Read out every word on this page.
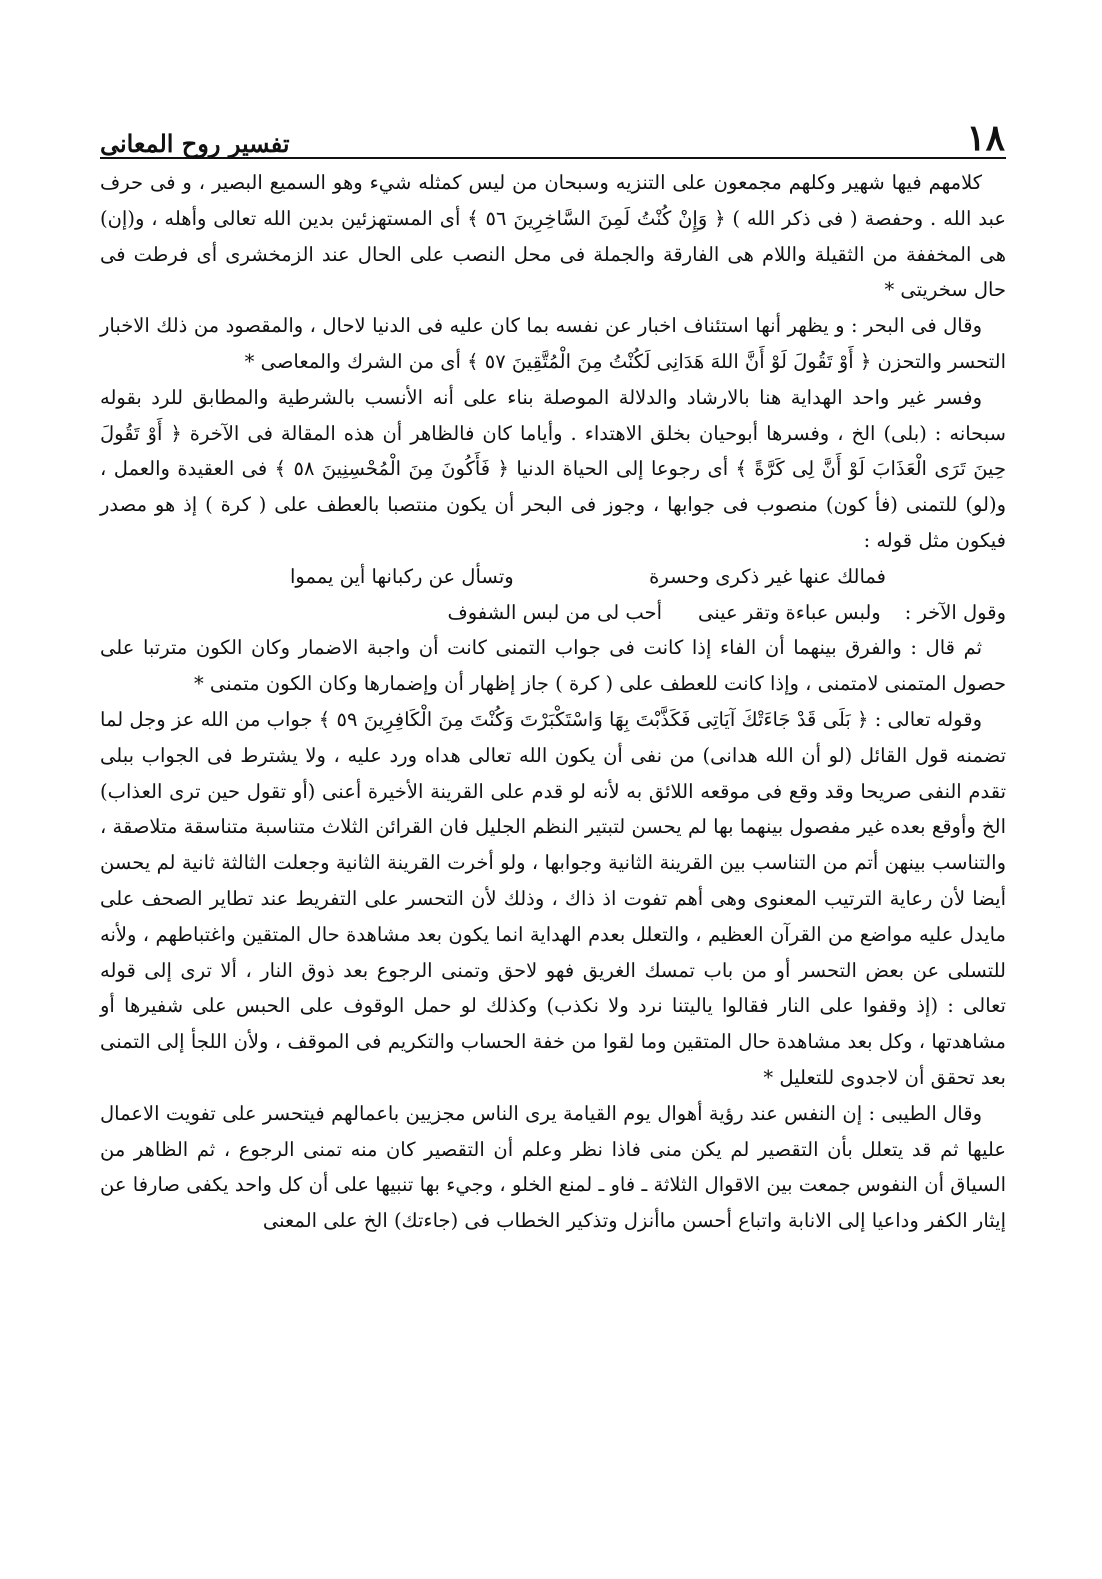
تفسير روح المعانى	١٨

كلامهم فيها شهير وكلهم مجمعون على التنزيه وسبحان من ليس كمثله شيء وهو السميع البصير ، و فى حرف عبد الله . وحفصة ( فى ذكر الله ) ﴿ وَإِنْ كُنْتُ لَمِنَ السَّاخِرِينَ ٥٦ ﴾ أى المستهزئين بدين الله تعالى وأهله ، و(إن) هى المخففة من الثقيلة واللام هى الفارقة والجملة فى محل النصب على الحال عند الزمخشرى أى فرطت فى حال سخريتى *

وقال فى البحر : و يظهر أنها استئناف اخبار عن نفسه بما كان عليه فى الدنيا لاحال ، والمقصود من ذلك الاخبار التحسر والتحزن ﴿ أَوْ تَقُولَ لَوْ أَنَّ اللهَ هَدَانِى لَكُنْتُ مِنَ الْمُتَّقِينَ ٥٧ ﴾ أى من الشرك والمعاصى *

وفسر غير واحد الهداية هنا بالارشاد والدلالة الموصلة بناء على أنه الأنسب بالشرطية والمطابق للرد بقوله سبحانه : (بلى) الخ ، وفسرها أبوحيان بخلق الاهتداء . وأياما كان فالظاهر أن هذه المقالة فى الآخرة ﴿ أَوْ تَقُولَ حِينَ تَرَى الْعَذَابَ لَوْ أَنَّ لِى كَرَّةً ﴾ أى رجوعا إلى الحياة الدنيا ﴿ فَأَكُونَ مِنَ الْمُحْسِنِينَ ٥٨ ﴾ فى العقيدة والعمل ، و(لو) للتمنى (فأ كون) منصوب فى جوابها ، وجوز فى البحر أن يكون منتصبا بالعطف على ( كرة ) إذ هو مصدر فيكون مثل قوله :

فمالك عنها غير ذكرى وحسرة
وتسأل عن ركبانها أين يمموا
وقول الآخر :
ولبس عباءة وتقر عينى
أحب لى من لبس الشفوف

ثم قال : والفرق بينهما أن الفاء إذا كانت فى جواب التمنى كانت أن واجبة الاضمار وكان الكون مترتبا على حصول المتمنى لامتمنى ، وإذا كانت للعطف على ( كرة ) جاز إظهار أن وإضمارها وكان الكون متمنى *

وقوله تعالى : ﴿ بَلَى قَدْ جَاءَتْكَ آيَاتِى فَكَذَّبْتَ بِهَا وَاسْتَكْبَرْتَ وَكُنْتَ مِنَ الْكَافِرِينَ ٥٩ ﴾ جواب من الله عز وجل لما تضمنه قول القائل (لو أن الله هدانى) من نفى أن يكون الله تعالى هداه ورد عليه ، ولا يشترط فى الجواب ببلى تقدم النفى صريحا وقد وقع فى موقعه اللائق به لأنه لو قدم على القرينة الأخيرة أعنى (أو تقول حين ترى العذاب) الخ وأوقع بعده غير مفصول بينهما بها لم يحسن لتبتير النظم الجليل فان القرائن الثلاث متناسبة متناسقة متلاصقة ، والتناسب بينهن أتم من التناسب بين القرينة الثانية وجوابها ، ولو أخرت القرينة الثانية وجعلت الثالثة ثانية لم يحسن أيضا لأن رعاية الترتيب المعنوى وهى أهم تفوت اذ ذاك ، وذلك لأن التحسر على التفريط عند تطاير الصحف على مايدل عليه مواضع من القرآن العظيم ، والتعلل بعدم الهداية انما يكون بعد مشاهدة حال المتقين واغتباطهم ، ولأنه للتسلى عن بعض التحسر أو من باب تمسك الغريق فهو لاحق وتمنى الرجوع بعد ذوق النار ، ألا ترى إلى قوله تعالى : (إذ وقفوا على النار فقالوا ياليتنا نرد ولا نكذب) وكذلك لو حمل الوقوف على الحبس على شفيرها أو مشاهدتها ، وكل بعد مشاهدة حال المتقين وما لقوا من خفة الحساب والتكريم فى الموقف ، ولأن اللجأ إلى التمنى بعد تحقق أن لاجدوى للتعليل *

وقال الطيبى : إن النفس عند رؤية أهوال يوم القيامة يرى الناس مجزيين باعمالهم فيتحسر على تفويت الاعمال عليها ثم قد يتعلل بأن التقصير لم يكن منى فاذا نظر وعلم أن التقصير كان منه تمنى الرجوع ، ثم الظاهر من السياق أن النفوس جمعت بين الاقوال الثلاثة ـ فاو ـ لمنع الخلو ، وجيء بها تنبيها على أن كل واحد يكفى صارفا عن إيثار الكفر وداعيا إلى الانابة واتباع أحسن ماأنزل وتذكير الخطاب فى (جاءتك) الخ على المعنى
